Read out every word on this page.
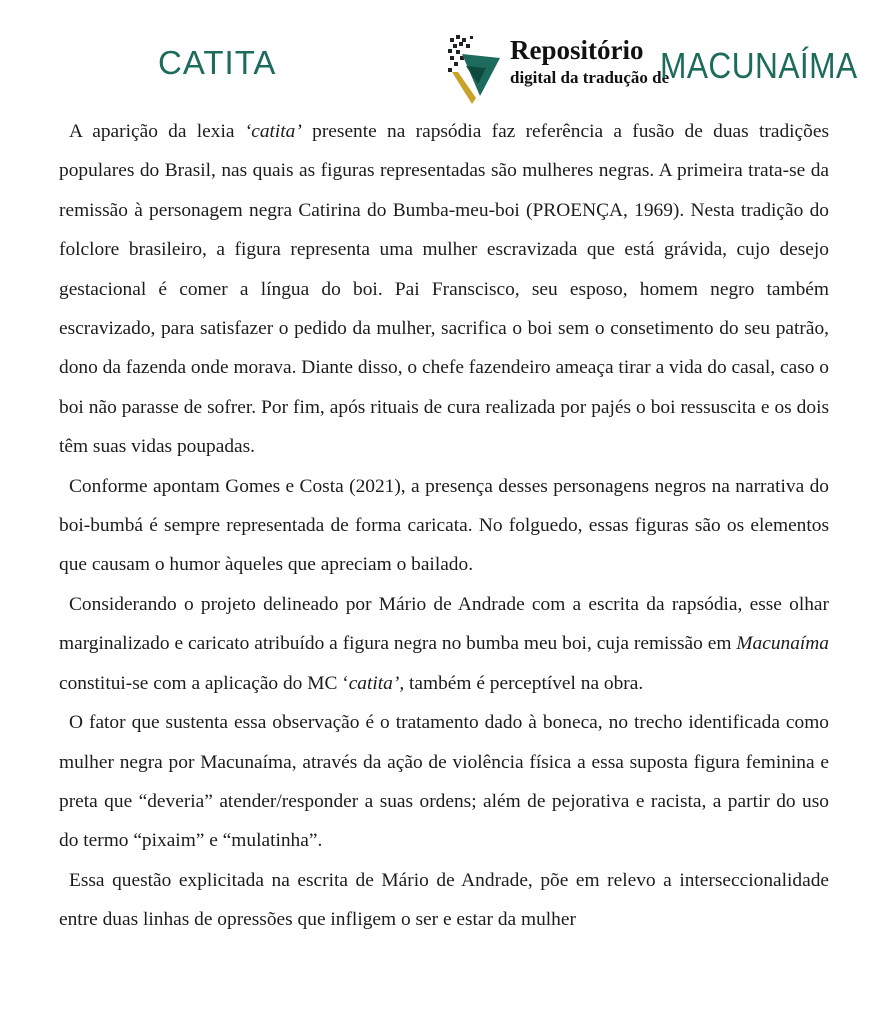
CATITA	Repositório
digital da tradução de
MACUNAÍMA

A aparição da lexia ‘catita’ presente na rapsódia faz referência a fusão de duas tradições populares do Brasil, nas quais as figuras representadas são mulheres negras. A primeira trata-se da remissão à personagem negra Catirina do Bumba-meu-boi (PROENÇA, 1969). Nesta tradição do folclore brasileiro, a figura representa uma mulher escravizada que está grávida, cujo desejo gestacional é comer a língua do boi. Pai Franscisco, seu esposo, homem negro também escravizado, para satisfazer o pedido da mulher, sacrifica o boi sem o consetimento do seu patrão, dono da fazenda onde morava. Diante disso, o chefe fazendeiro ameaça tirar a vida do casal, caso o boi não parasse de sofrer. Por fim, após rituais de cura realizada por pajés o boi ressuscita e os dois têm suas vidas poupadas.

Conforme apontam Gomes e Costa (2021), a presença desses personagens negros na narrativa do boi-bumbá é sempre representada de forma caricata. No folguedo, essas figuras são os elementos que causam o humor àqueles que apreciam o bailado.

Considerando o projeto delineado por Mário de Andrade com a escrita da rapsódia, esse olhar marginalizado e caricato atribuído a figura negra no bumba meu boi, cuja remissão em Macunaíma constitui-se com a aplicação do MC ‘catita’, também é perceptível na obra.

O fator que sustenta essa observação é o tratamento dado à boneca, no trecho identificada como mulher negra por Macunaíma, através da ação de violência física a essa suposta figura feminina e preta que “deveria” atender/responder a suas ordens; além de pejorativa e racista, a partir do uso do termo “pixaim” e “mulatinha”.

Essa questão explicitada na escrita de Mário de Andrade, põe em relevo a interseccionalidade entre duas linhas de opressões que infligem o ser e estar da mulher
